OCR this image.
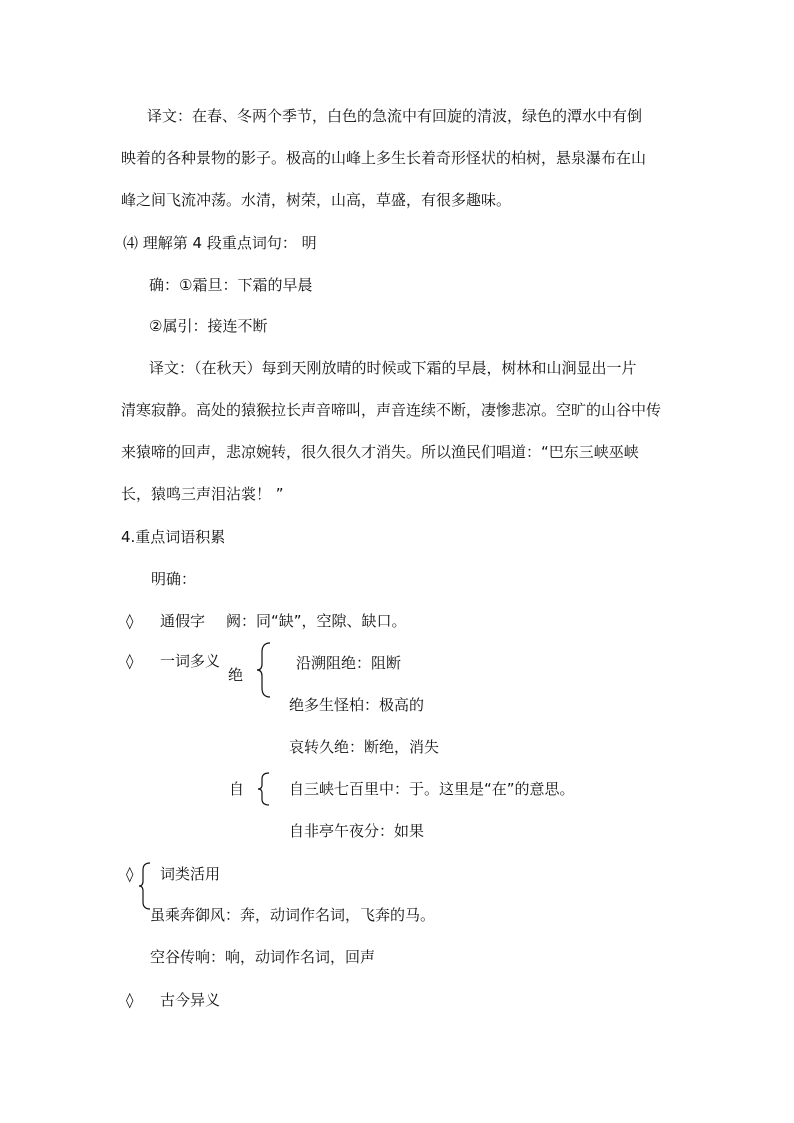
译文：在春、冬两个季节，白色的急流中有回旋的清波，绿色的潭水中有倒
映着的各种景物的影子。极高的山峰上多生长着奇形怪状的柏树，悬泉瀑布在山
峰之间飞流冲荡。水清，树荣，山高，草盛，有很多趣味。
⑷ 理解第 4 段重点词句： 明
确：①霜旦：下霜的早晨
②属引：接连不断
译文：（在秋天）每到天刚放晴的时候或下霜的早晨，树林和山涧显出一片
清寒寂静。高处的猿猴拉长声音啼叫，声音连续不断，凄惨悲凉。空旷的山谷中传
来猿啼的回声，悲凉婉转，很久很久才消失。所以渔民们唱道：“巴东三峡巫峡
长，猿鸣三声泪沾裳！ ”
4.重点词语积累
明确：
◊ 通假字 阙：同“缺”，空隙、缺口。
◊ 一词多义
绝
沿溯阻绝：阻断
绝多生怪柏：极高的
哀转久绝：断绝，消失
自	自三峡七百里中：于。这里是“在”的意思。
自非亭午夜分：如果
◊ 词类活用
虽乘奔御风：奔，动词作名词，飞奔的马。
空谷传响：响，动词作名词，回声
◊ 古今异义
